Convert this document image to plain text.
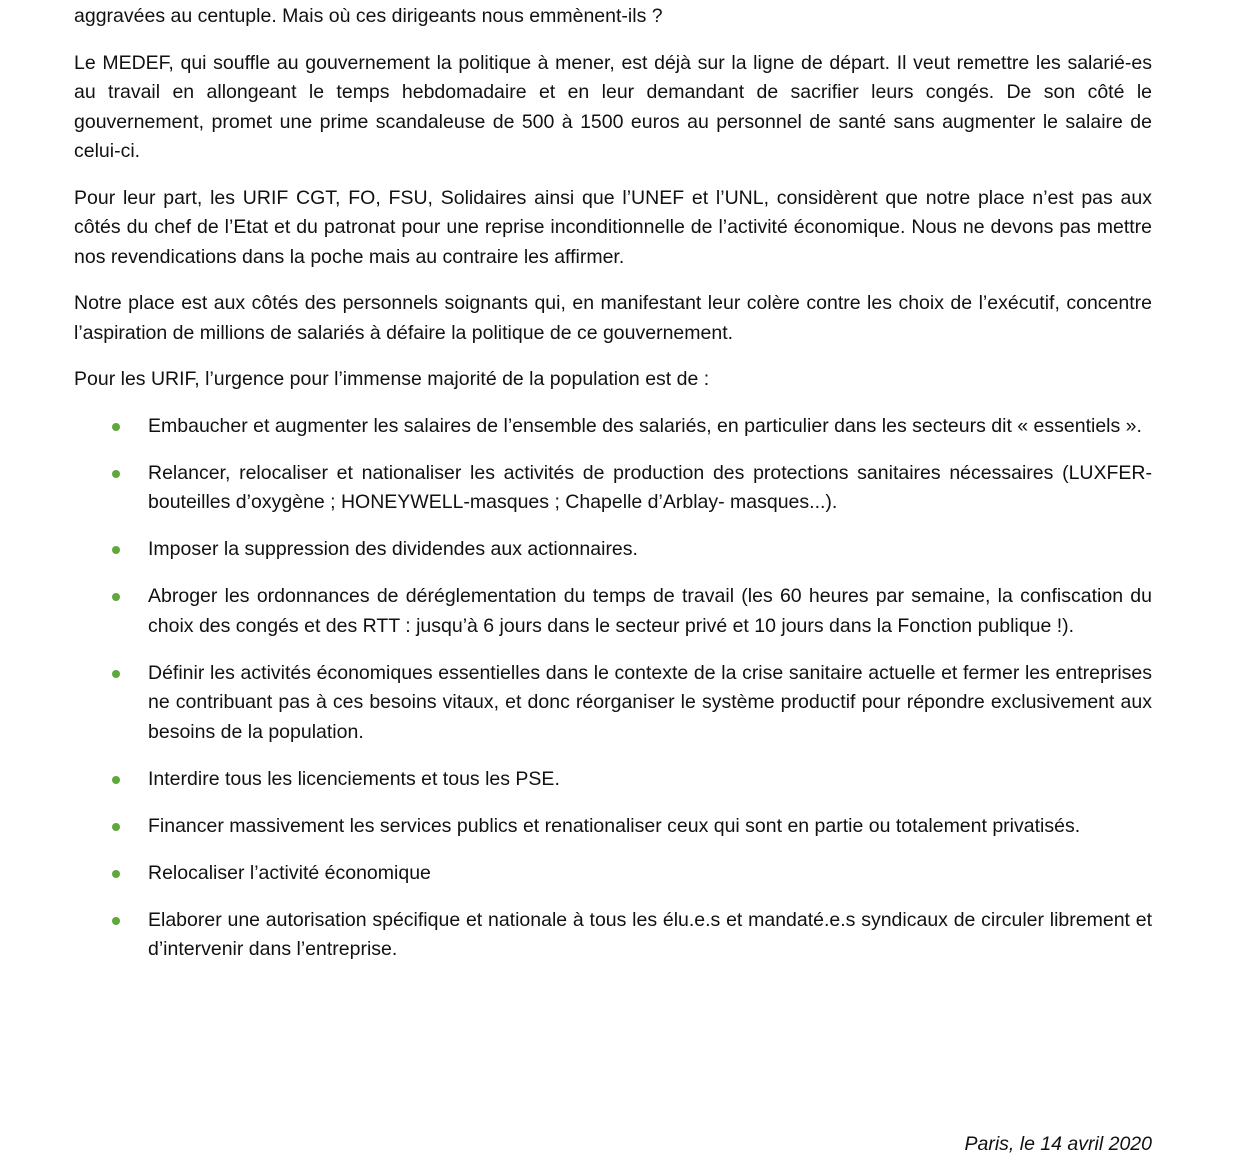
aggravées au centuple. Mais où ces dirigeants nous emmènent-ils ?

Le MEDEF, qui souffle au gouvernement la politique à mener, est déjà sur la ligne de départ. Il veut remettre les salarié-es au travail en allongeant le temps hebdomadaire et en leur demandant de sacrifier leurs congés. De son côté le gouvernement, promet une prime scandaleuse de 500 à 1500 euros au personnel de santé sans augmenter le salaire de celui-ci.

Pour leur part, les URIF CGT, FO, FSU, Solidaires ainsi que l’UNEF et l’UNL, considèrent que notre place n’est pas aux côtés du chef de l’Etat et du patronat pour une reprise inconditionnelle de l’activité économique. Nous ne devons pas mettre nos revendications dans la poche mais au contraire les affirmer.

Notre place est aux côtés des personnels soignants qui, en manifestant leur colère contre les choix de l’exécutif, concentre l’aspiration de millions de salariés à défaire la politique de ce gouvernement.

Pour les URIF, l’urgence pour l’immense majorité de la population est de :

Embaucher et augmenter les salaires de l’ensemble des salariés, en particulier dans les secteurs dit « essentiels ».
Relancer, relocaliser et nationaliser les activités de production des protections sanitaires nécessaires (LUXFER-bouteilles d’oxygène ; HONEYWELL-masques ; Chapelle d’Arblay- masques...).
Imposer la suppression des dividendes aux actionnaires.
Abroger les ordonnances de déréglementation du temps de travail (les 60 heures par semaine, la confiscation du choix des congés et des RTT : jusqu’à 6 jours dans le secteur privé et 10 jours dans la Fonction publique !).
Définir les activités économiques essentielles dans le contexte de la crise sanitaire actuelle et fermer les entreprises ne contribuant pas à ces besoins vitaux, et donc réorganiser le système productif pour répondre exclusivement aux besoins de la population.
Interdire tous les licenciements et tous les PSE.
Financer massivement les services publics et renationaliser ceux qui sont en partie ou totalement privatisés.
Relocaliser l’activité économique
Elaborer une autorisation spécifique et nationale à tous les élu.e.s et mandaté.e.s syndicaux de circuler librement et d’intervenir dans l’entreprise.
Paris, le 14 avril 2020
